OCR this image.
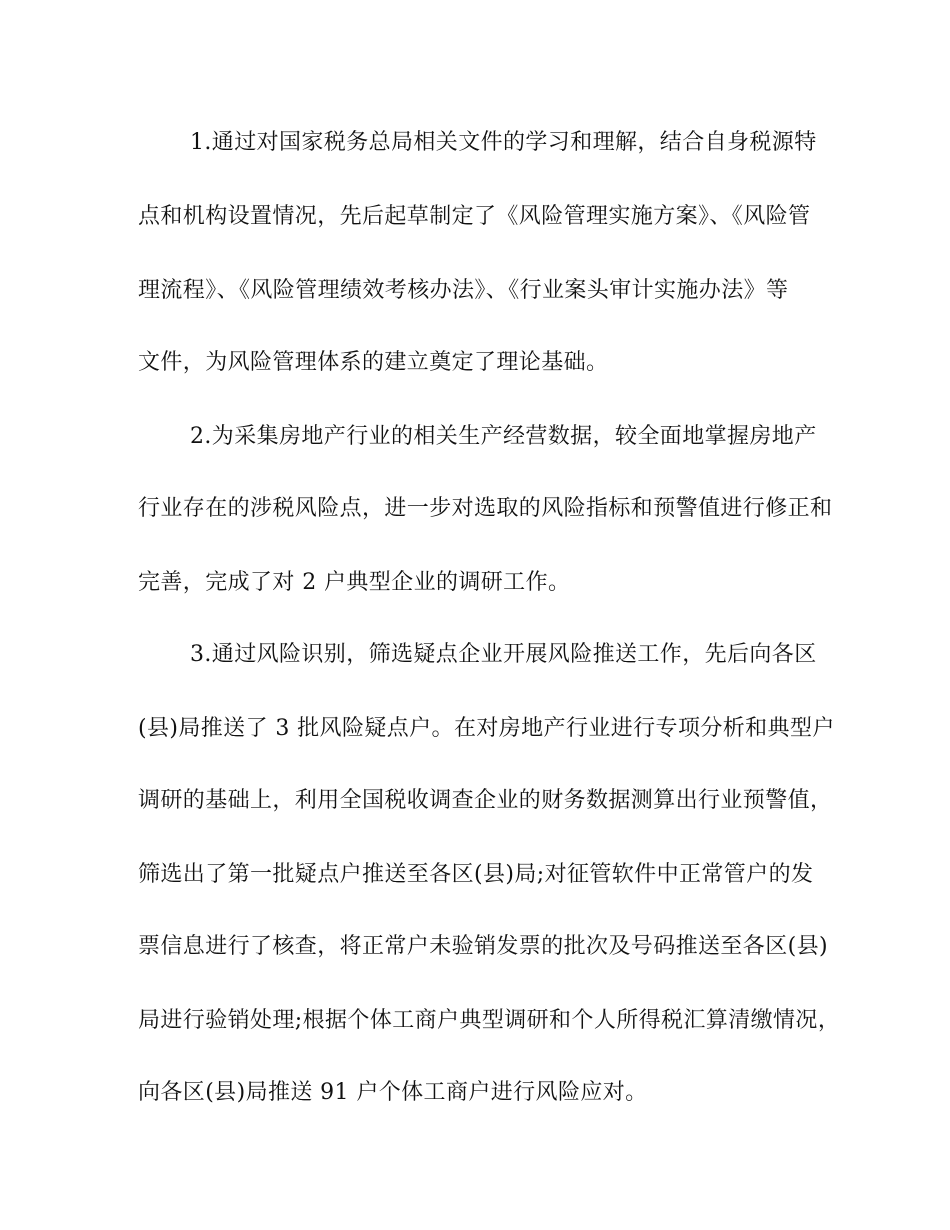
1.通过对国家税务总局相关文件的学习和理解，结合自身税源特
点和机构设置情况，先后起草制定了《风险管理实施方案》、《风险管
理流程》、《风险管理绩效考核办法》、《行业案头审计实施办法》等
文件，为风险管理体系的建立奠定了理论基础。
2.为采集房地产行业的相关生产经营数据，较全面地掌握房地产
行业存在的涉税风险点，进一步对选取的风险指标和预警值进行修正和
完善，完成了对 2 户典型企业的调研工作。
3.通过风险识别，筛选疑点企业开展风险推送工作，先后向各区
(县)局推送了 3 批风险疑点户。在对房地产行业进行专项分析和典型户
调研的基础上，利用全国税收调查企业的财务数据测算出行业预警值，
筛选出了第一批疑点户推送至各区(县)局;对征管软件中正常管户的发
票信息进行了核查，将正常户未验销发票的批次及号码推送至各区(县)
局进行验销处理;根据个体工商户典型调研和个人所得税汇算清缴情况，
向各区(县)局推送 91 户个体工商户进行风险应对。
